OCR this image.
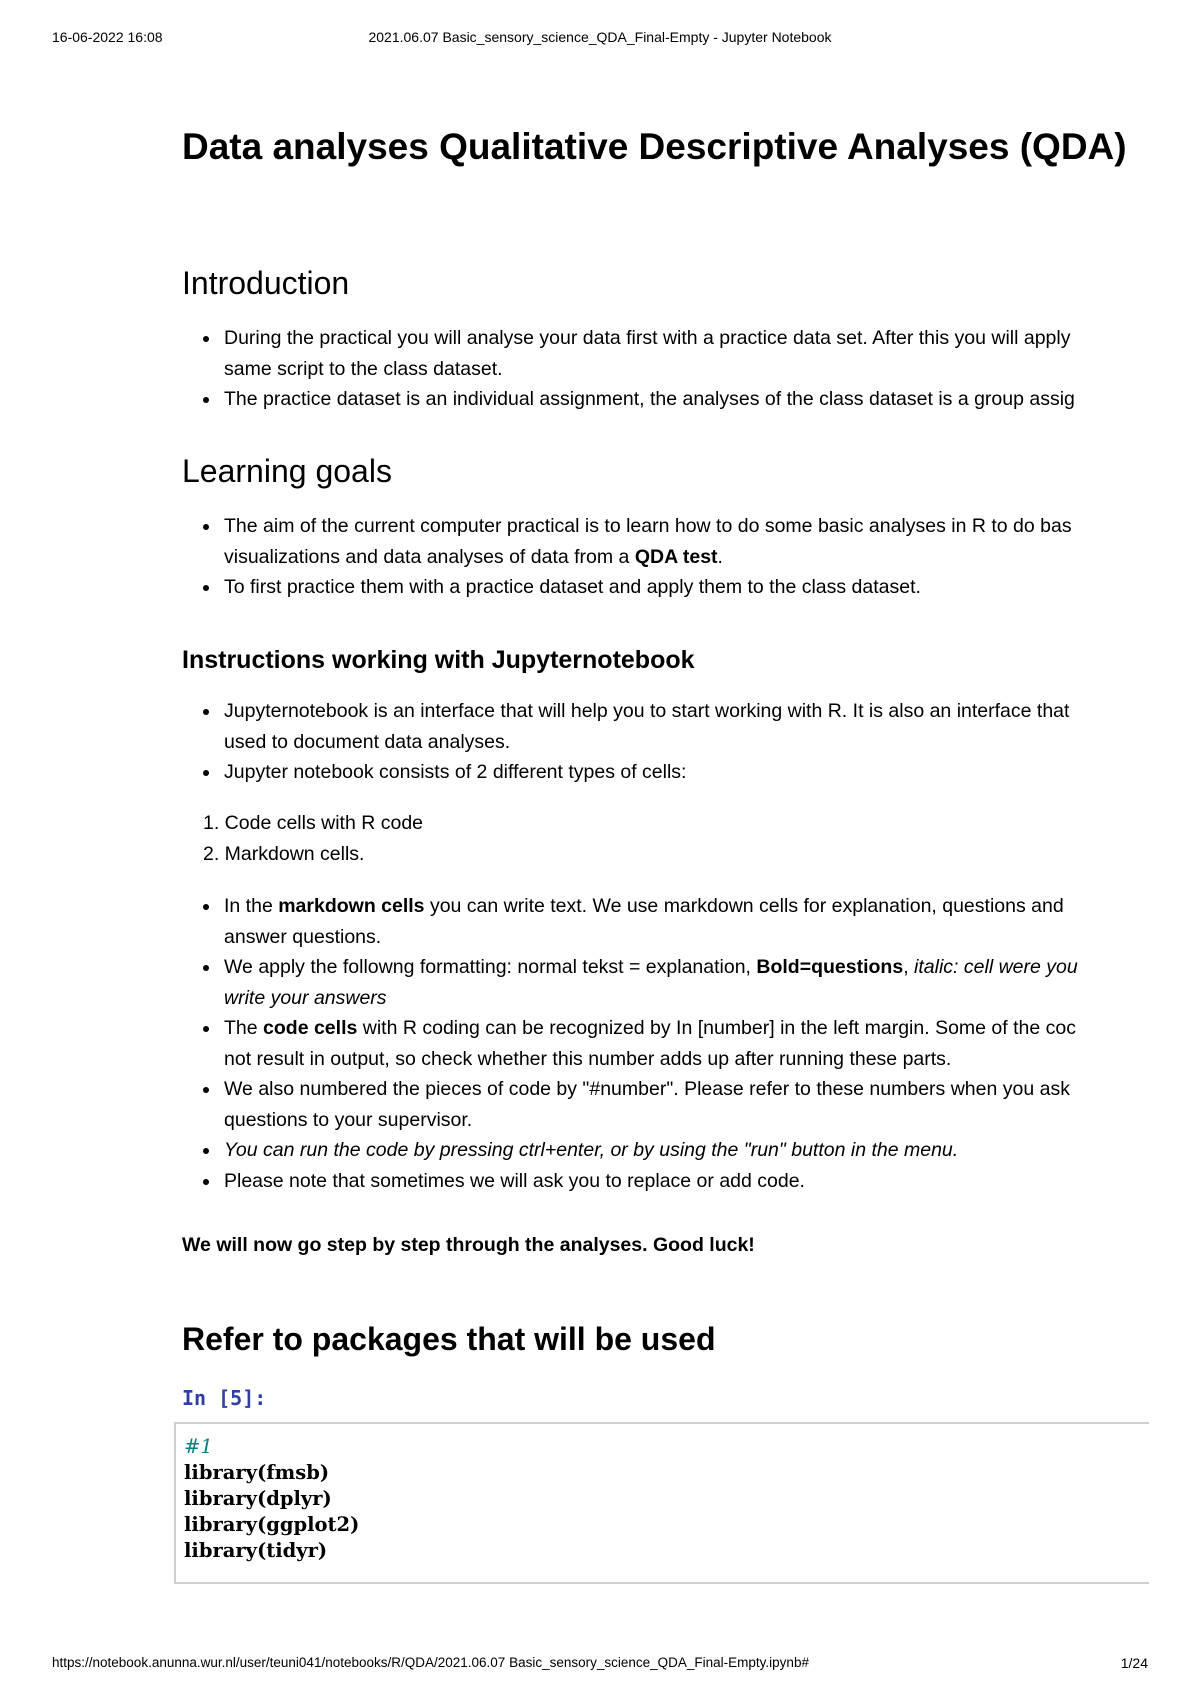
2021.06.07 Basic_sensory_science_QDA_Final-Empty - Jupyter Notebook
16-06-2022 16:08
Data analyses Qualitative Descriptive Analyses (QDA)
Introduction
During the practical you will analyse your data first with a practice data set. After this you will apply
same script to the class dataset.
The practice dataset is an individual assignment, the analyses of the class dataset is a group assig
Learning goals
The aim of the current computer practical is to learn how to do some basic analyses in R to do bas
visualizations and data analyses of data from a QDA test.
To first practice them with a practice dataset and apply them to the class dataset.
Instructions working with Jupyternotebook
Jupyternotebook is an interface that will help you to start working with R. It is also an interface that
used to document data analyses.
Jupyter notebook consists of 2 different types of cells:
1. Code cells with R code
2. Markdown cells.
In the markdown cells you can write text. We use markdown cells for explanation, questions and
answer questions.
We apply the followng formatting: normal tekst = explanation, Bold=questions, italic: cell were you
write your answers
The code cells with R coding can be recognized by In [number] in the left margin. Some of the coc
not result in output, so check whether this number adds up after running these parts.
We also numbered the pieces of code by "#number". Please refer to these numbers when you ask
questions to your supervisor.
You can run the code by pressing ctrl+enter, or by using the "run" button in the menu.
Please note that sometimes we will ask you to replace or add code.
We will now go step by step through the analyses. Good luck!
Refer to packages that will be used
In [5]:
#1
library(fmsb)
library(dplyr)
library(ggplot2)
library(tidyr)
https://notebook.anunna.wur.nl/user/teuni041/notebooks/R/QDA/2021.06.07 Basic_sensory_science_QDA_Final-Empty.ipynb#	1/24
